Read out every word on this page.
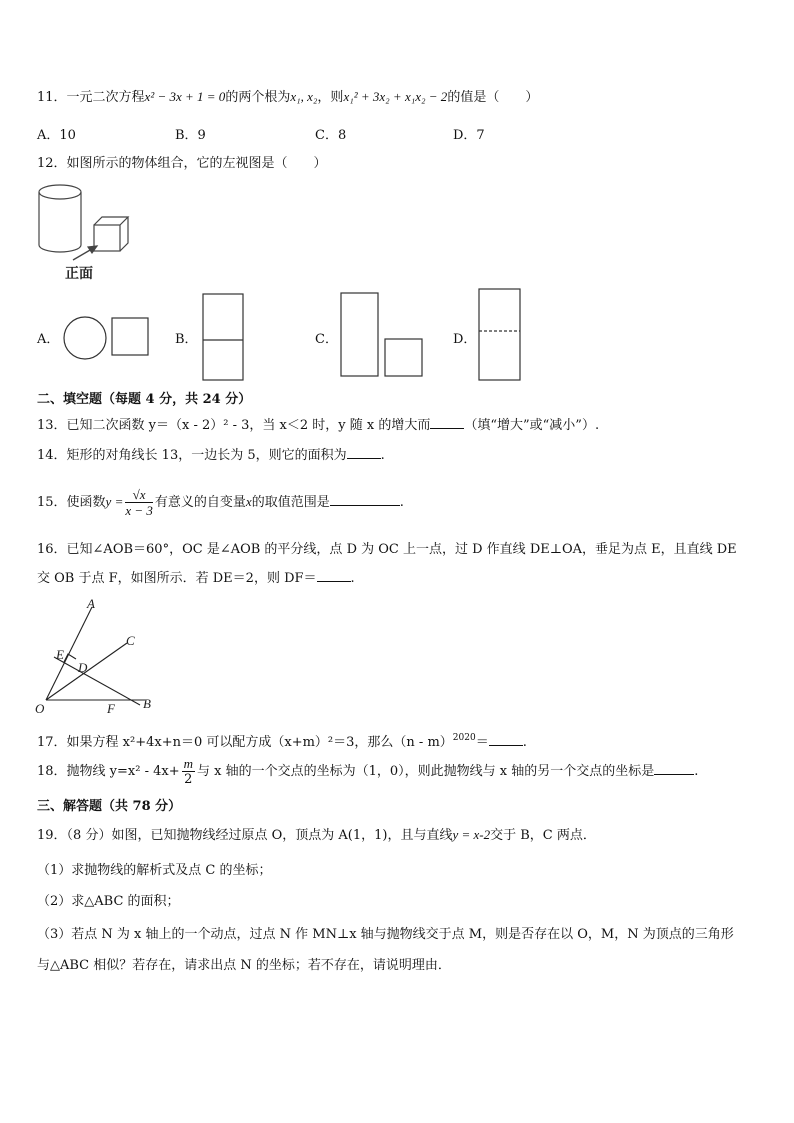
11．一元二次方程x² − 3x + 1 = 0的两个根为x₁, x₂，则x₁² + 3x₂ + x₁x₂ − 2的值是（　　）
A．10	B．9	C．8	D．7
12．如图所示的物体组合，它的左视图是（　　）
正面
A．	B．	C．	D．
二、填空题（每题 4 分，共 24 分）
13．已知二次函数 y＝（x - 2）² - 3，当 x＜2 时，y 随 x 的增大而	（填“增大”或“减小”）.
14．矩形的对角线长 13，一边长为 5，则它的面积为	.
15．使函数$y = \frac{√x}{x - 3}$ 有意义的自变量x的取值范围是	.
16．已知∠AOB＝60°，OC 是∠AOB 的平分线，点 D 为 OC 上一点，过 D 作直线 DE⊥OA，垂足为点 E，且直线 DE
交 OB 于点 F，如图所示．若 DE＝2，则 DF＝	.
A
C
E
D
O	F B
17．如果方程 x²+4x+n＝0 可以配方成（x+m）²＝3，那么（n - m）$^{2020}$＝	.
18．抛物线 $y=x^2 - 4x+ \frac{m}{2}$ 与 x 轴的一个交点的坐标为（1，0），则此抛物线与 x 轴的另一个交点的坐标是	.
三、解答题（共 78 分）
19．（8 分）如图，已知抛物线经过原点 O，顶点为 A(1，1)，且与直线y = x-2交于 B，C 两点．
（1）求抛物线的解析式及点 C 的坐标；
（2）求△ABC 的面积；
（3）若点 N 为 x 轴上的一个动点，过点 N 作 MN⊥x 轴与抛物线交于点 M，则是否存在以 O，M，N 为顶点的三角形
与△ABC 相似？若存在，请求出点 N 的坐标；若不存在，请说明理由．
